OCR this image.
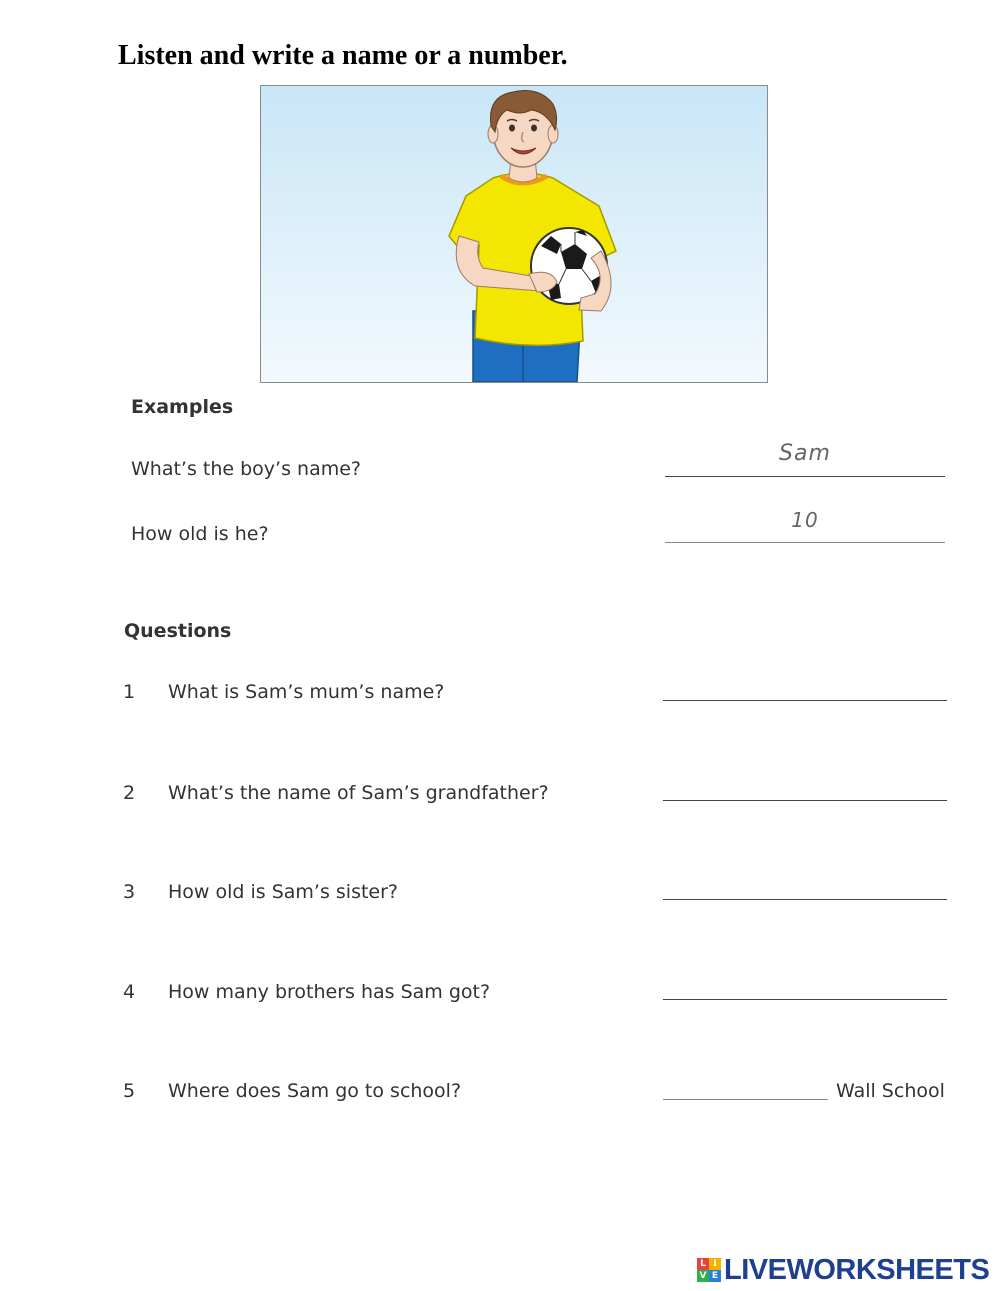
Listen and write a name or a number.
Examples
What’s the boy’s name?
Sam
How old is he?
10
Questions
1 What is Sam’s mum’s name?
2 What’s the name of Sam’s grandfather?
3 How old is Sam’s sister?
4 How many brothers has Sam got?
5 Where does Sam go to school?	Wall School
L I
V E LIVEWORKSHEETS
